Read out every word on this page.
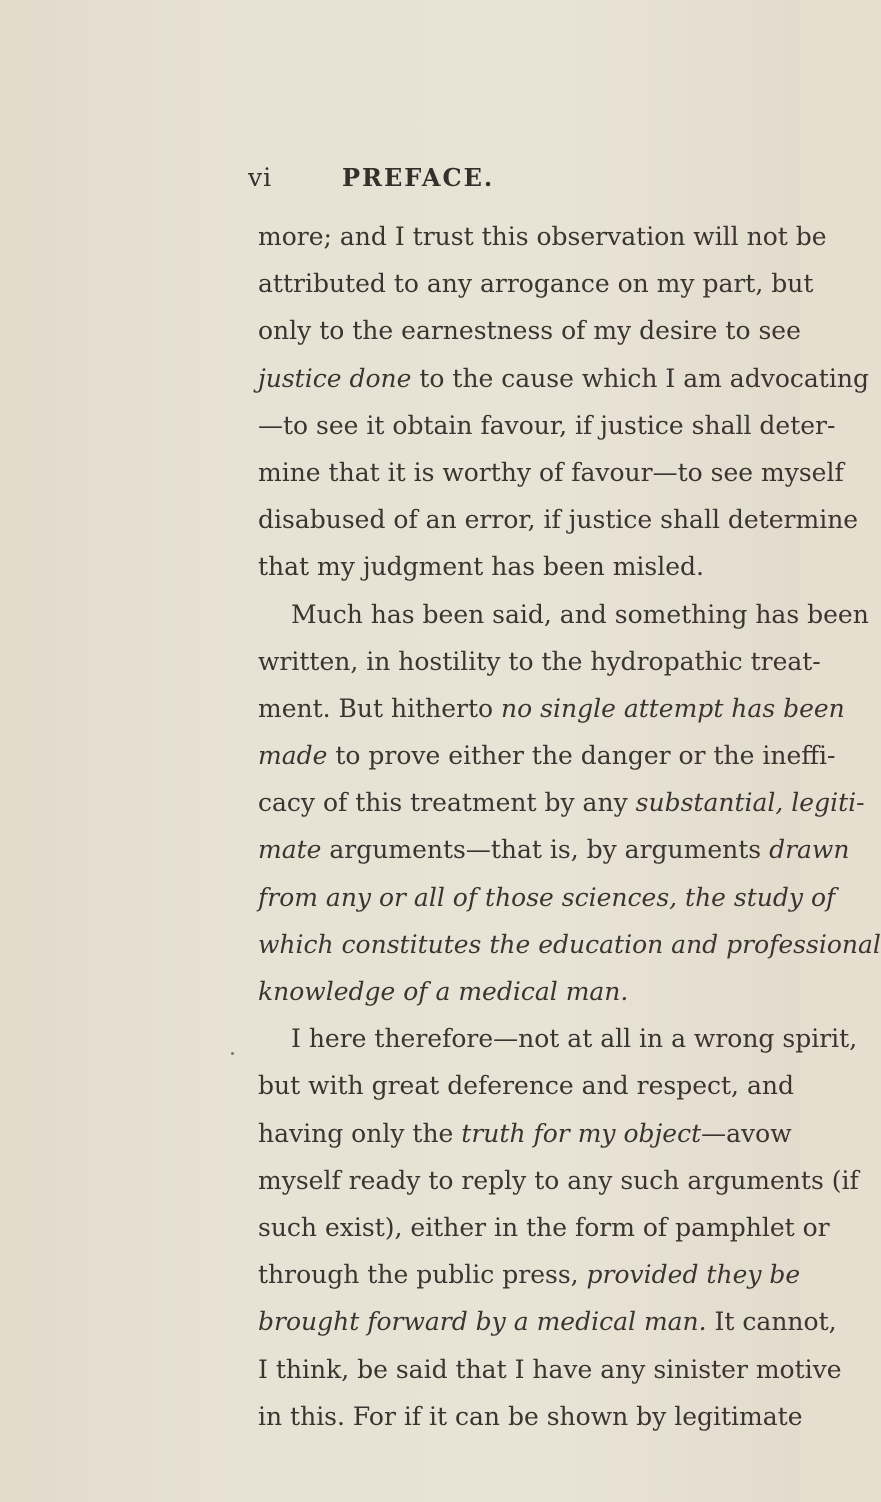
vi	PREFACE.
more; and I trust this observation will not be
attributed to any arrogance on my part, but
only to the earnestness of my desire to see
justice done to the cause which I am advocating
—to see it obtain favour, if justice shall deter-
mine that it is worthy of favour—to see myself
disabused of an error, if justice shall determine
that my judgment has been misled.
Much has been said, and something has been
written, in hostility to the hydropathic treat-
ment. But hitherto no single attempt has been
made to prove either the danger or the ineffi-
cacy of this treatment by any substantial, legiti-
mate arguments—that is, by arguments drawn
from any or all of those sciences, the study of
which constitutes the education and professional
knowledge of a medical man.
I here therefore—not at all in a wrong spirit,
but with great deference and respect, and
having only the truth for my object—avow
myself ready to reply to any such arguments (if
such exist), either in the form of pamphlet or
through the public press, provided they be
brought forward by a medical man. It cannot,
I think, be said that I have any sinister motive
in this. For if it can be shown by legitimate
